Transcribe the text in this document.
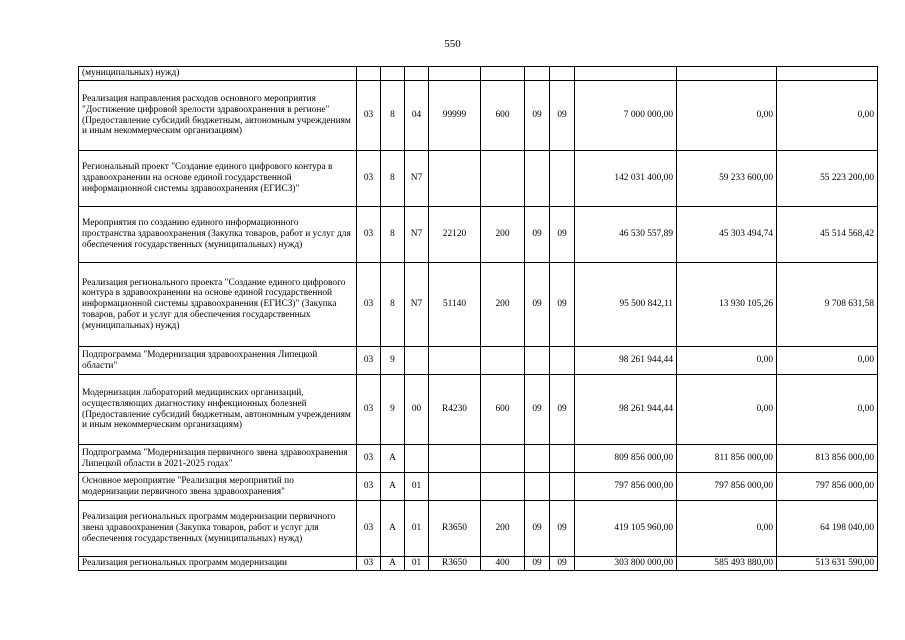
550
(муниципальных) нужд)										
Реализация направления расходов основного мероприятия "Достижение цифровой зрелости здравоохранения в регионе" (Предоставление субсидий бюджетным, автономным учреждениям и иным некоммерческим организациям)	03	8	04	99999	600	09	09	7 000 000,00	0,00	0,00
Региональный проект "Создание единого цифрового контура в здравоохранении на основе единой государственной информационной системы здравоохранения (ЕГИСЗ)"	03	8	N7					142 031 400,00	59 233 600,00	55 223 200,00
Мероприятия по созданию единого информационного пространства здравоохранения (Закупка товаров, работ и услуг для обеспечения государственных (муниципальных) нужд)	03	8	N7	22120	200	09	09	46 530 557,89	45 303 494,74	45 514 568,42
Реализация регионального проекта "Создание единого цифрового контура в здравоохранении на основе единой государственной информационной системы здравоохранения (ЕГИСЗ)" (Закупка товаров, работ и услуг для обеспечения государственных (муниципальных) нужд)	03	8	N7	51140	200	09	09	95 500 842,11	13 930 105,26	9 708 631,58
Подпрограмма "Модернизация здравоохранения Липецкой области"	03	9						98 261 944,44	0,00	0,00
Модернизация лабораторий медицинских организаций, осуществляющих диагностику инфекционных болезней (Предоставление субсидий бюджетным, автономным учреждениям и иным некоммерческим организациям)	03	9	00	R4230	600	09	09	98 261 944,44	0,00	0,00
Подпрограмма "Модернизация первичного звена здравоохранения Липецкой области в 2021-2025 годах"	03	А						809 856 000,00	811 856 000,00	813 856 000,00
Основное мероприятие "Реализация мероприятий по модернизации первичного звена здравоохранения"	03	А	01					797 856 000,00	797 856 000,00	797 856 000,00
Реализация региональных программ модернизации первичного звена здравоохранения (Закупка товаров, работ и услуг для обеспечения государственных (муниципальных) нужд)	03	А	01	R3650	200	09	09	419 105 960,00	0,00	64 198 040,00
Реализация региональных программ модернизации	03	А	01	R3650	400	09	09	303 800 000,00	585 493 880,00	513 631 590,00
